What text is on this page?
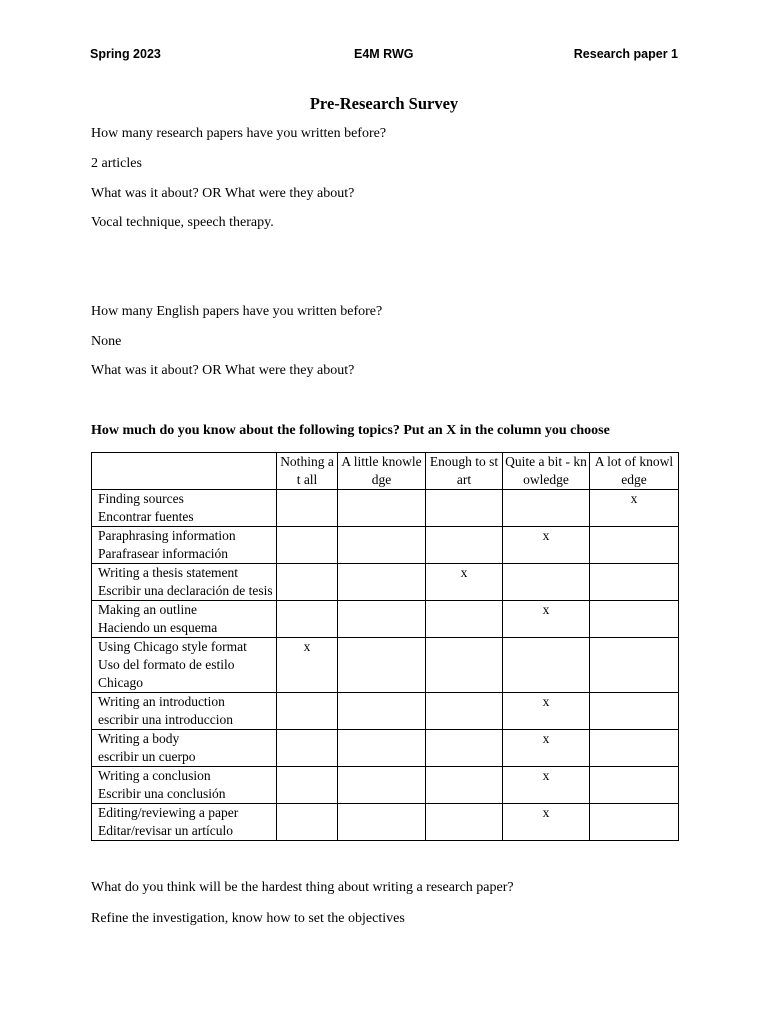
Spring 2023	E4M RWG	Research paper 1
Pre-Research Survey

How many research papers have you written before?

2 articles

What was it about? OR What were they about?

Vocal technique, speech therapy.

How many English papers have you written before?

None

What was it about? OR What were they about?

How much do you know about the following topics? Put an X in the column you choose

	Nothing at all	A little knowledge	Enough to start	Quite a bit - knowledge	A lot of knowledge

Finding sources
Encontrar fuentes					x

Paraphrasing information
Parafrasear información				x	

Writing a thesis statement
Escribir una declaración de tesis			x		

Making an outline
Haciendo un esquema				x	

Using Chicago style format
Uso del formato de estilo Chicago	x				

Writing an introduction
escribir una introduccion				x	

Writing a body
escribir un cuerpo				x	

Writing a conclusion
Escribir una conclusión				x	

Editing/reviewing a paper
Editar/revisar un artículo				x	

What do you think will be the hardest thing about writing a research paper?

Refine the investigation, know how to set the objectives
